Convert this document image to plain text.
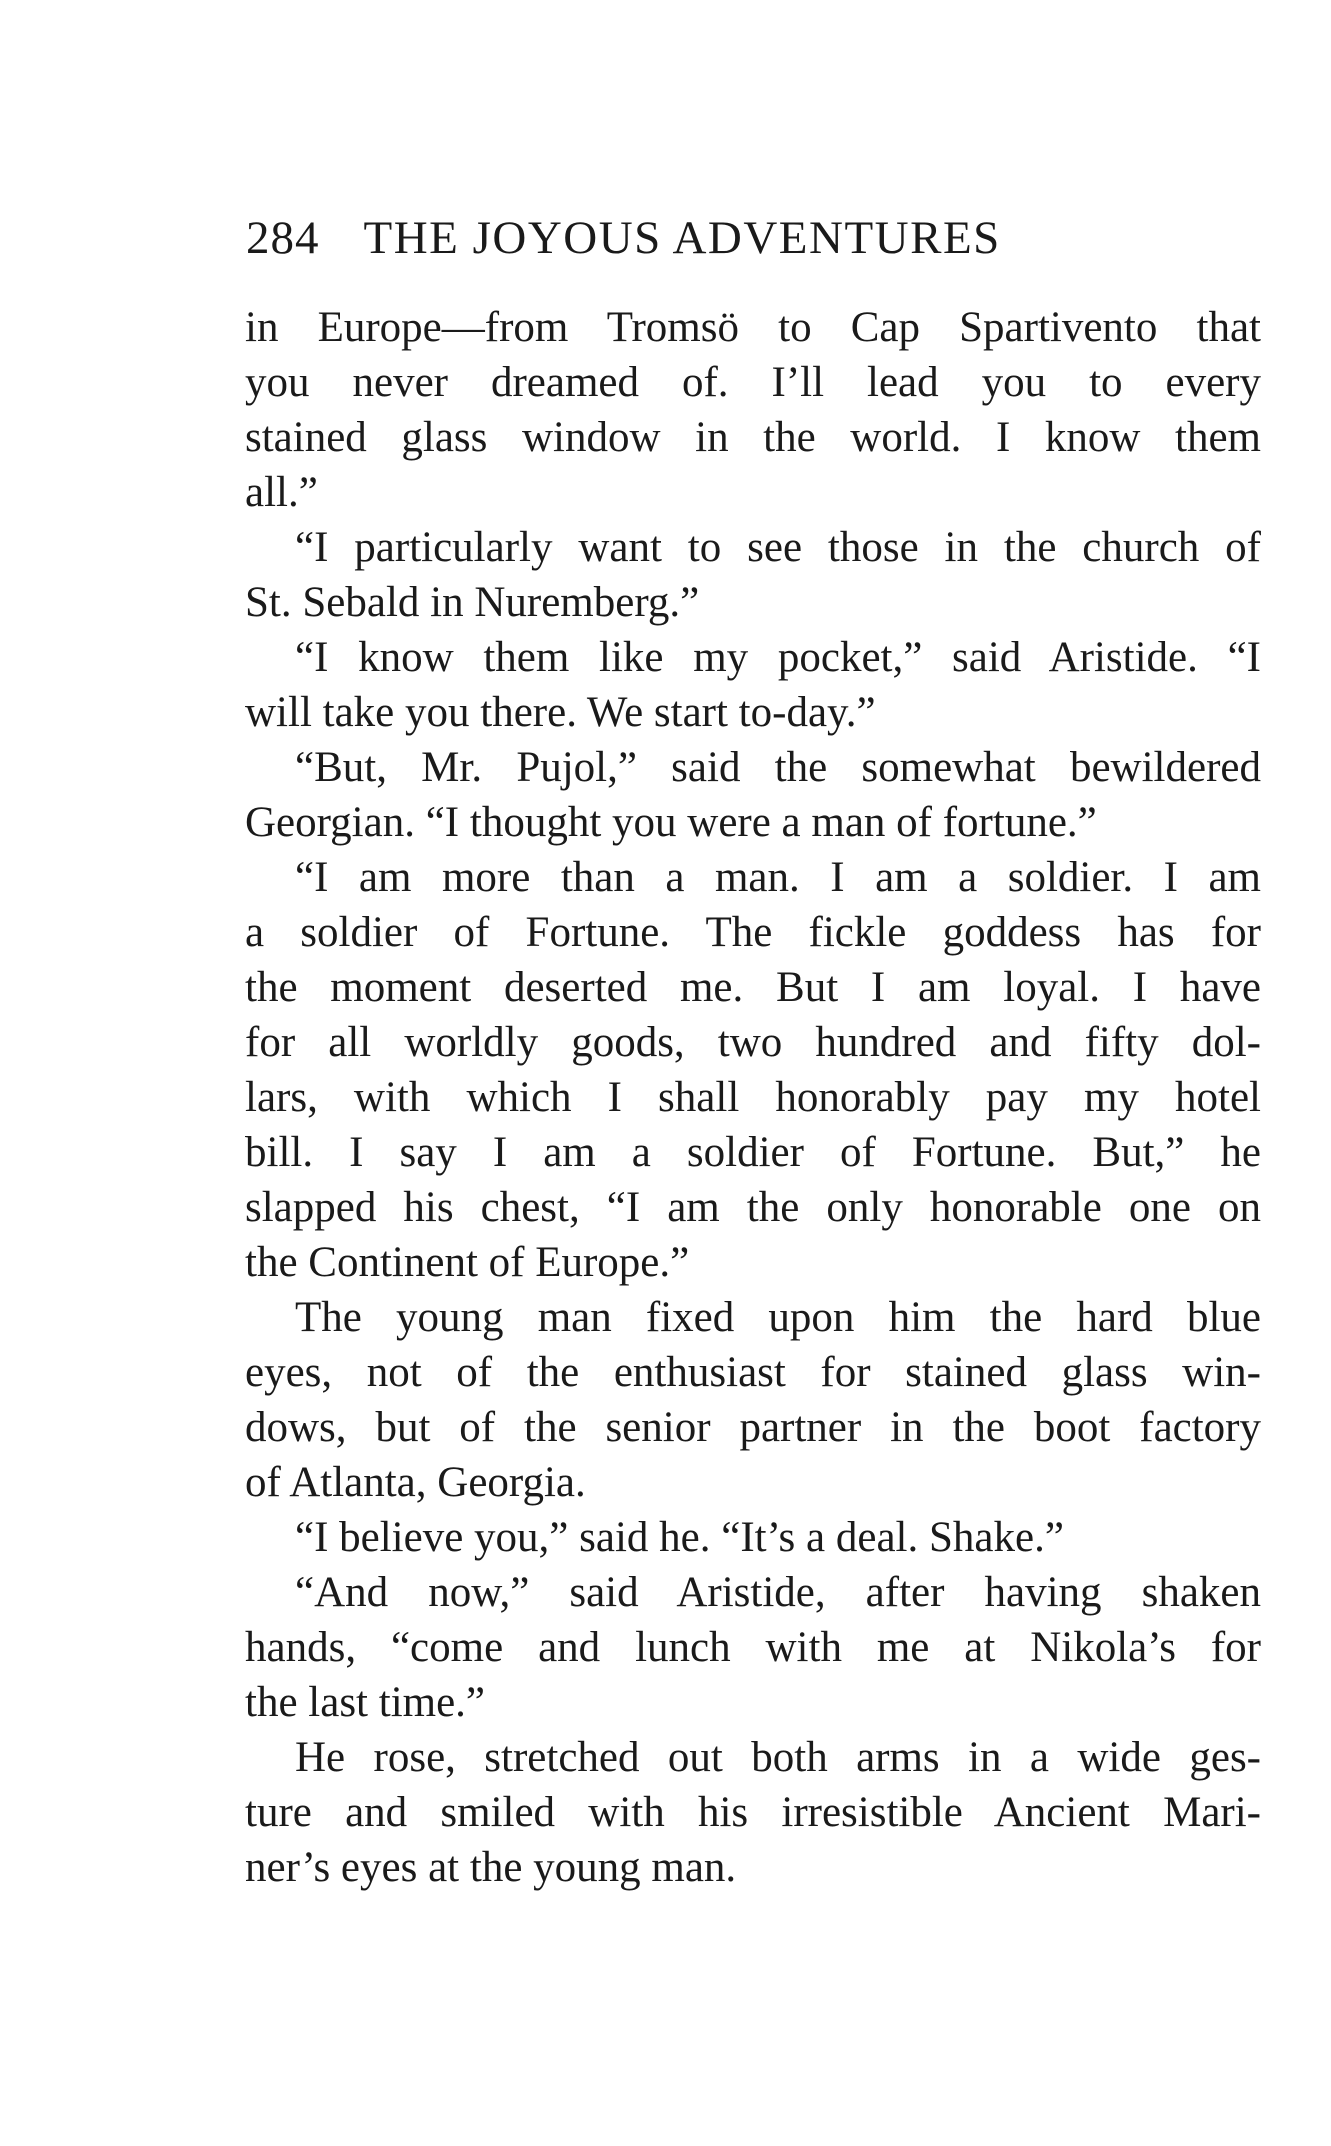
284 THE JOYOUS ADVENTURES
in Europe—from Tromsö to Cap Spartivento that
you never dreamed of. I’ll lead you to every
stained glass window in the world. I know them
all.”
“I particularly want to see those in the church of
St. Sebald in Nuremberg.”
“I know them like my pocket,” said Aristide. “I
will take you there. We start to-day.”
“But, Mr. Pujol,” said the somewhat bewildered
Georgian. “I thought you were a man of fortune.”
“I am more than a man. I am a soldier. I am
a soldier of Fortune. The fickle goddess has for
the moment deserted me. But I am loyal. I have
for all worldly goods, two hundred and fifty dol-
lars, with which I shall honorably pay my hotel
bill. I say I am a soldier of Fortune. But,” he
slapped his chest, “I am the only honorable one on
the Continent of Europe.”
The young man fixed upon him the hard blue
eyes, not of the enthusiast for stained glass win-
dows, but of the senior partner in the boot factory
of Atlanta, Georgia.
“I believe you,” said he. “It’s a deal. Shake.”
“And now,” said Aristide, after having shaken
hands, “come and lunch with me at Nikola’s for
the last time.”
He rose, stretched out both arms in a wide ges-
ture and smiled with his irresistible Ancient Mari-
ner’s eyes at the young man.
